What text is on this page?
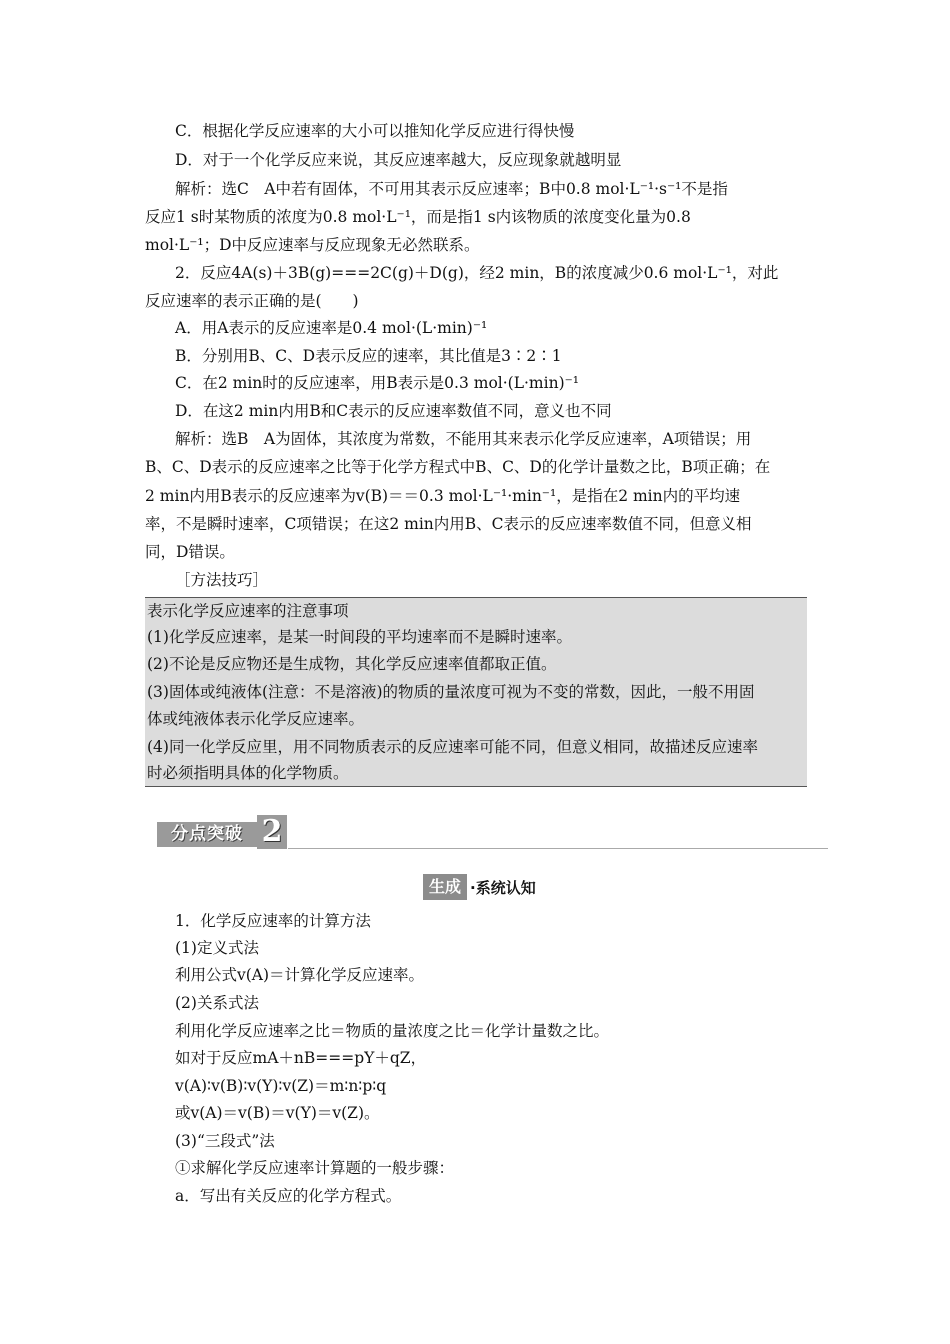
C．根据化学反应速率的大小可以推知化学反应进行得快慢
D．对于一个化学反应来说，其反应速率越大，反应现象就越明显
解析：选C　A中若有固体，不可用其表示反应速率；B中0.8 mol·L⁻¹·s⁻¹不是指
反应1 s时某物质的浓度为0.8 mol·L⁻¹，而是指1 s内该物质的浓度变化量为0.8
mol·L⁻¹；D中反应速率与反应现象无必然联系。
2．反应4A(s)＋3B(g)===2C(g)＋D(g)，经2 min，B的浓度减少0.6 mol·L⁻¹，对此
反应速率的表示正确的是(　　)
A．用A表示的反应速率是0.4 mol·(L·min)⁻¹
B．分别用B、C、D表示反应的速率，其比值是3∶2∶1
C．在2 min时的反应速率，用B表示是0.3 mol·(L·min)⁻¹
D．在这2 min内用B和C表示的反应速率数值不同，意义也不同
解析：选B　A为固体，其浓度为常数，不能用其来表示化学反应速率，A项错误；用
B、C、D表示的反应速率之比等于化学方程式中B、C、D的化学计量数之比，B项正确；在
2 min内用B表示的反应速率为v(B)＝＝0.3 mol·L⁻¹·min⁻¹，是指在2 min内的平均速
率，不是瞬时速率，C项错误；在这2 min内用B、C表示的反应速率数值不同，但意义相
同，D错误。
［方法技巧］
表示化学反应速率的注意事项
(1)化学反应速率，是某一时间段的平均速率而不是瞬时速率。
(2)不论是反应物还是生成物，其化学反应速率值都取正值。
(3)固体或纯液体(注意：不是溶液)的物质的量浓度可视为不变的常数，因此，一般不用固
体或纯液体表示化学反应速率。
(4)同一化学反应里，用不同物质表示的反应速率可能不同，但意义相同，故描述反应速率
时必须指明具体的化学物质。
分点突破 2
生成 ·系统认知
1．化学反应速率的计算方法
(1)定义式法
利用公式v(A)＝计算化学反应速率。
(2)关系式法
利用化学反应速率之比＝物质的量浓度之比＝化学计量数之比。
如对于反应mA＋nB===pY＋qZ，
v(A)∶v(B)∶v(Y)∶v(Z)＝m∶n∶p∶q
或v(A)＝v(B)＝v(Y)＝v(Z)。
(3)“三段式”法
①求解化学反应速率计算题的一般步骤：
a．写出有关反应的化学方程式。
